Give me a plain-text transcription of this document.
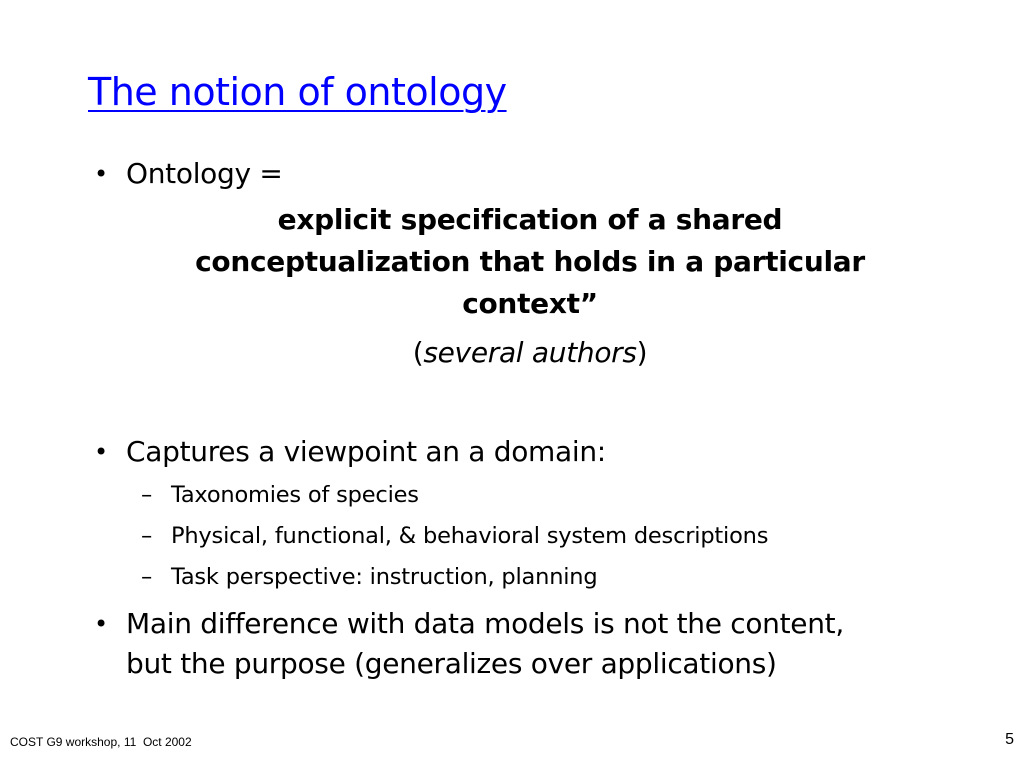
The notion of ontology
• Ontology =
explicit specification of a shared
conceptualization that holds in a particular
context”
(several authors)
• Captures a viewpoint an a domain:
– Taxonomies of species
– Physical, functional, & behavioral system descriptions
– Task perspective: instruction, planning
• Main difference with data models is not the content,
but the purpose (generalizes over applications)
COST G9 workshop, 11  Oct 2002	5
